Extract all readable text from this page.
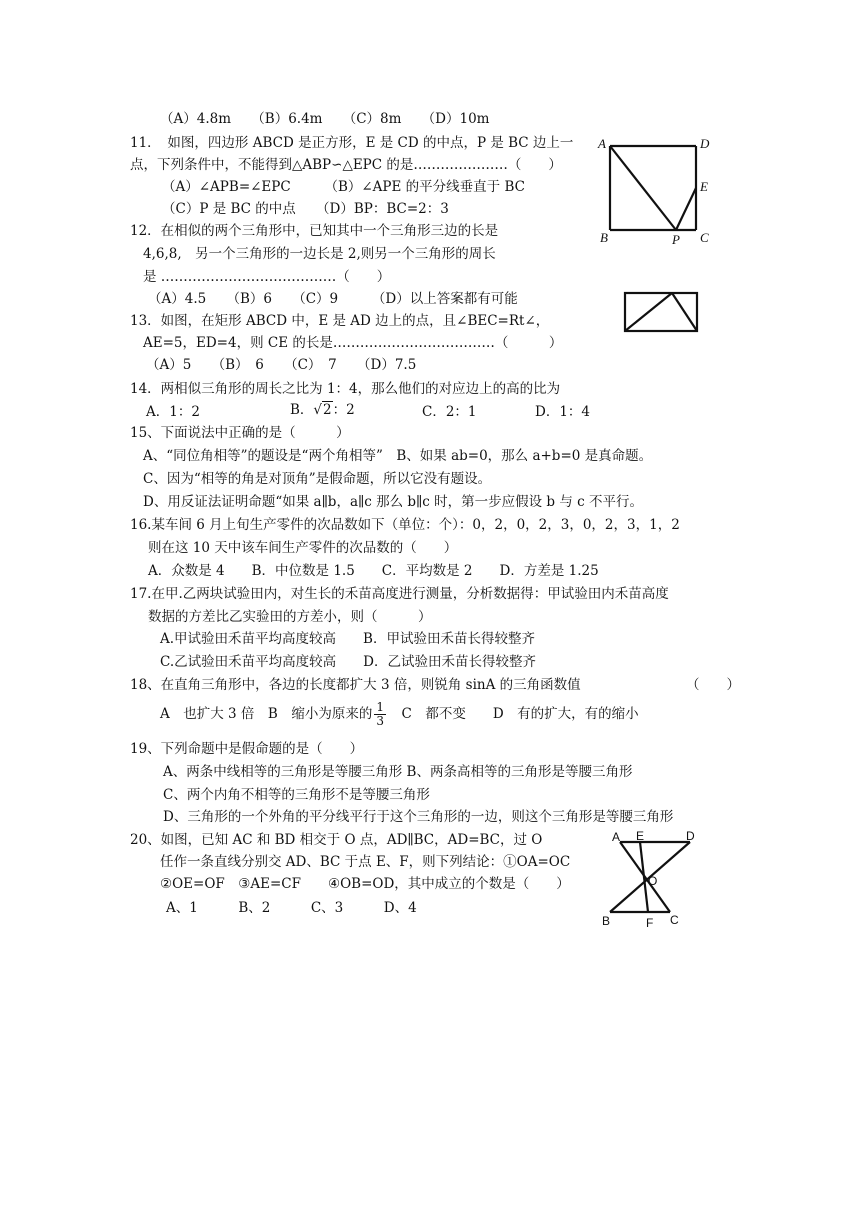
（A）4.8m　　（B）6.4m　　（C）8m　　（D）10m
11．　如图，四边形 ABCD 是正方形，E 是 CD 的中点，P 是 BC 边上一
点，下列条件中，不能得到△ABP∽△EPC 的是…………………（　　）
（A）∠APB=∠EPC　　　（B）∠APE 的平分线垂直于 BC
（C）P 是 BC 的中点　　（D）BP：BC=2：3
A	D
E
B	P C
12．在相似的两个三角形中，已知其中一个三角形三边的长是
4,6,8,　另一个三角形的一边长是 2,则另一个三角形的周长
是 …………………………………（　　）
（A）4.5　　（B）6　　（C）9　　　（D）以上答案都有可能
13．如图，在矩形 ABCD 中，E 是 AD 边上的点，且∠BEC=Rt∠，
AE=5，ED=4，则 CE 的长是………………………………（　　　）
（A）5　　（B）　6　　（C）　7　　（D）7.5
14．两相似三角形的周长之比为 1：4，那么他们的对应边上的高的比为
A．1：2	B．√2：2	C．2：1	D．1：4
15、下面说法中正确的是（　　　）
A、“同位角相等”的题设是“两个角相等”　B、如果 ab=0，那么 a+b=0 是真命题。
C、因为“相等的角是对顶角”是假命题，所以它没有题设。
D、用反证法证明命题“如果 a∥b，a∥c 那么 b∥c 时，第一步应假设 b 与 c 不平行。
16.某车间 6 月上旬生产零件的次品数如下（单位：个）：0，2，0，2，3，0，2，3，1，2
则在这 10 天中该车间生产零件的次品数的（　　）
A．众数是 4　　B．中位数是 1.5　　C．平均数是 2　　D．方差是 1.25
17.在甲.乙两块试验田内，对生长的禾苗高度进行测量，分析数据得：甲试验田内禾苗高度
数据的方差比乙实验田的方差小，则（　　　）
A.甲试验田禾苗平均高度较高　　B．甲试验田禾苗长得较整齐
C.乙试验田禾苗平均高度较高　　D．乙试验田禾苗长得较整齐
18、在直角三角形中，各边的长度都扩大 3 倍，则锐角 sinA 的三角函数值	（　　）
A　也扩大 3 倍　B　缩小为原来的 $\frac{1}{3}$
　 C　都不变　　 D　有的扩大，有的缩小
19、下列命题中是假命题的是（　　）
A、两条中线相等的三角形是等腰三角形 B、两条高相等的三角形是等腰三角形
C、两个内角不相等的三角形不是等腰三角形
D、三角形的一个外角的平分线平行于这个三角形的一边，则这个三角形是等腰三角形
20、如图，已知 AC 和 BD 相交于 O 点，AD∥BC，AD=BC，过 O
任作一条直线分别交 AD、BC 于点 E、F，则下列结论：①OA=OC
②OE=OF　③AE=CF　　④OB=OD，其中成立的个数是（　　）
A、1　　　B、2　　　C、3　　　D、4
A E	D
O
B	F C
